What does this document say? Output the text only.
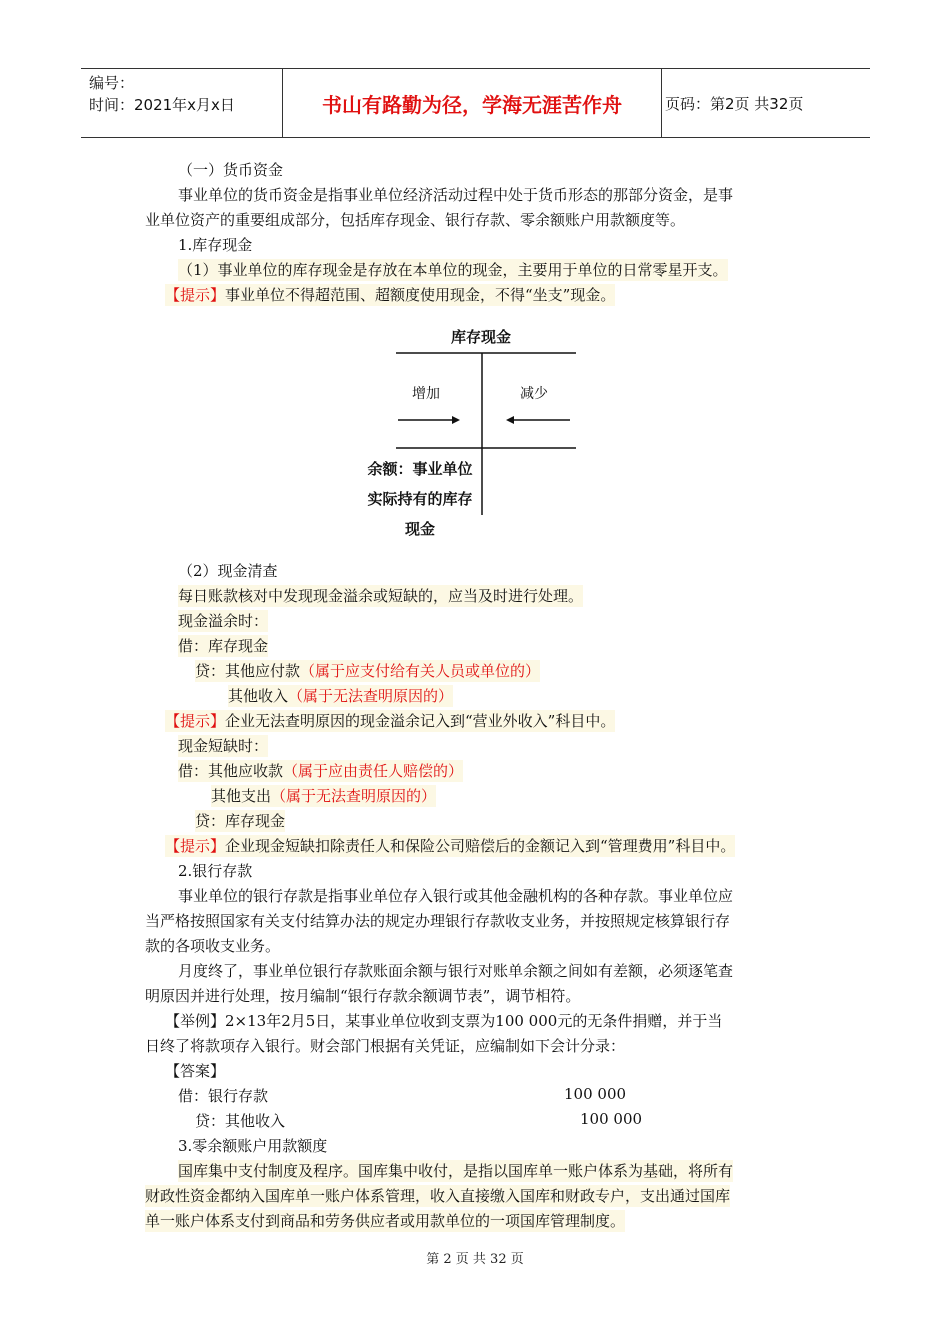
编号：
时间：2021年x月x日	书山有路勤为径，学海无涯苦作舟	页码：第2页 共32页
（一）货币资金
事业单位的货币资金是指事业单位经济活动过程中处于货币形态的那部分资金，是事
业单位资产的重要组成部分，包括库存现金、银行存款、零余额账户用款额度等。
1.库存现金
（1）事业单位的库存现金是存放在本单位的现金，主要用于单位的日常零星开支。
【提示】事业单位不得超范围、超额度使用现金，不得“坐支”现金。
库存现金
增加	减少
余额：事业单位
实际持有的库存
现金
（2）现金清查
每日账款核对中发现现金溢余或短缺的，应当及时进行处理。
现金溢余时：
借：库存现金
贷：其他应付款（属于应支付给有关人员或单位的）
其他收入（属于无法查明原因的）
【提示】企业无法查明原因的现金溢余记入到“营业外收入”科目中。
现金短缺时：
借：其他应收款（属于应由责任人赔偿的）
其他支出（属于无法查明原因的）
贷：库存现金
【提示】企业现金短缺扣除责任人和保险公司赔偿后的金额记入到“管理费用”科目中。
2.银行存款
事业单位的银行存款是指事业单位存入银行或其他金融机构的各种存款。事业单位应
当严格按照国家有关支付结算办法的规定办理银行存款收支业务，并按照规定核算银行存
款的各项收支业务。
月度终了，事业单位银行存款账面余额与银行对账单余额之间如有差额，必须逐笔查
明原因并进行处理，按月编制“银行存款余额调节表”，调节相符。
【举例】2×13年2月5日，某事业单位收到支票为100 000元的无条件捐赠，并于当
日终了将款项存入银行。财会部门根据有关凭证，应编制如下会计分录：
【答案】
借：银行存款	100 000
贷：其他收入	100 000
3.零余额账户用款额度
国库集中支付制度及程序。国库集中收付，是指以国库单一账户体系为基础，将所有
财政性资金都纳入国库单一账户体系管理，收入直接缴入国库和财政专户，支出通过国库
单一账户体系支付到商品和劳务供应者或用款单位的一项国库管理制度。
第 2 页 共 32 页
